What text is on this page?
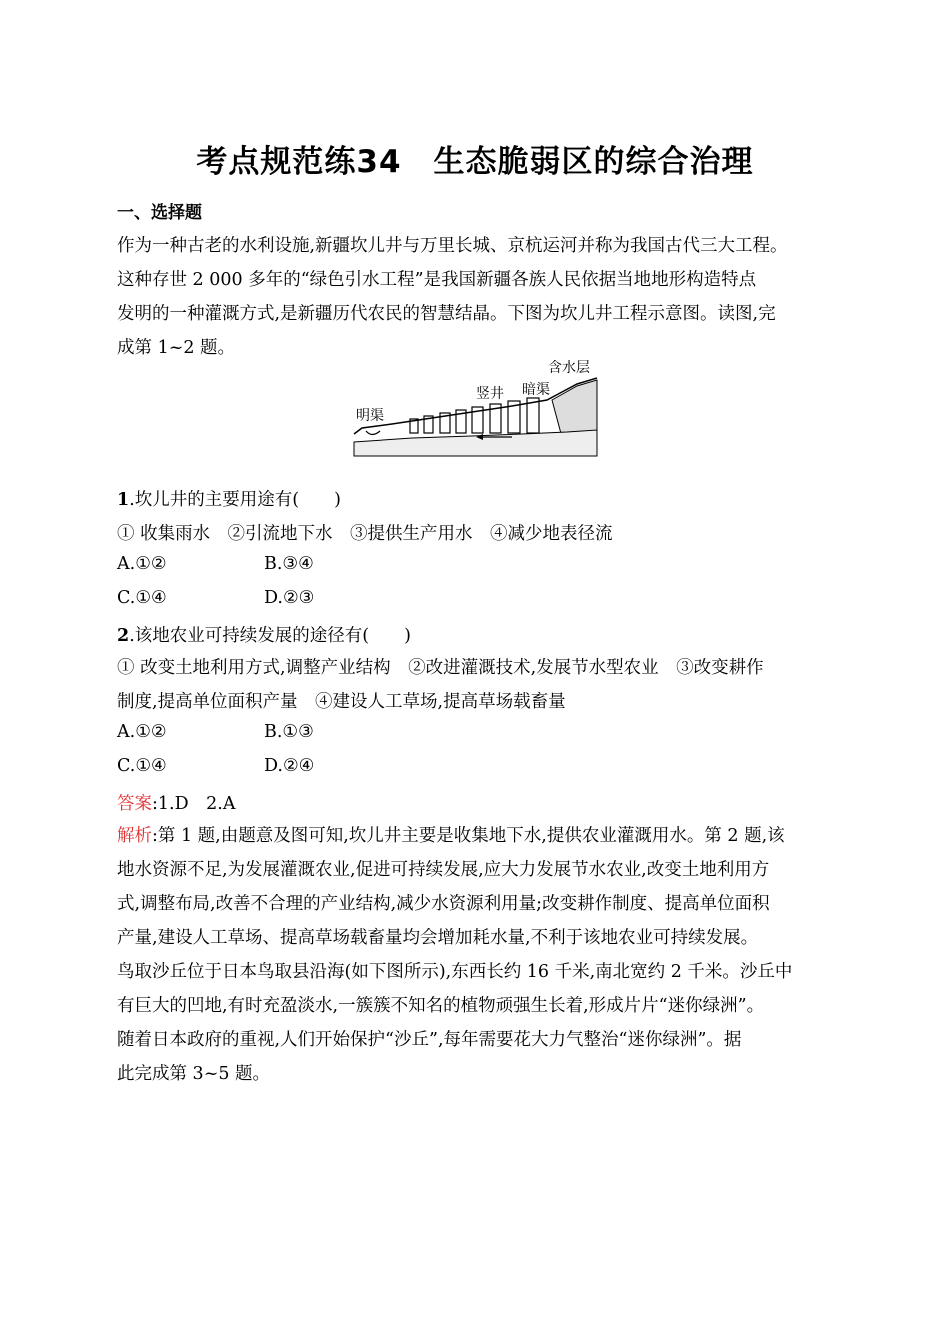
考点规范练34　生态脆弱区的综合治理
一、选择题
作为一种古老的水利设施,新疆坎儿井与万里长城、京杭运河并称为我国古代三大工程。
这种存世 2 000 多年的“绿色引水工程”是我国新疆各族人民依据当地地形构造特点
发明的一种灌溉方式,是新疆历代农民的智慧结晶。下图为坎儿井工程示意图。读图,完
成第 1~2 题。
含水层
竖井 暗渠
明渠
1.坎儿井的主要用途有(　　)
① 收集雨水　②引流地下水　③提供生产用水　④减少地表径流
A.①②	B.③④
C.①④	D.②③
2.该地农业可持续发展的途径有(　　)
① 改变土地利用方式,调整产业结构　②改进灌溉技术,发展节水型农业　③改变耕作
制度,提高单位面积产量　④建设人工草场,提高草场载畜量
A.①②	B.①③
C.①④	D.②④
答案:1.D　2.A
解析:第 1 题,由题意及图可知,坎儿井主要是收集地下水,提供农业灌溉用水。第 2 题,该
地水资源不足,为发展灌溉农业,促进可持续发展,应大力发展节水农业,改变土地利用方
式,调整布局,改善不合理的产业结构,减少水资源利用量;改变耕作制度、提高单位面积
产量,建设人工草场、提高草场载畜量均会增加耗水量,不利于该地农业可持续发展。
鸟取沙丘位于日本鸟取县沿海(如下图所示),东西长约 16 千米,南北宽约 2 千米。沙丘中
有巨大的凹地,有时充盈淡水,一簇簇不知名的植物顽强生长着,形成片片“迷你绿洲”。
随着日本政府的重视,人们开始保护“沙丘”,每年需要花大力气整治“迷你绿洲”。据
此完成第 3~5 题。
